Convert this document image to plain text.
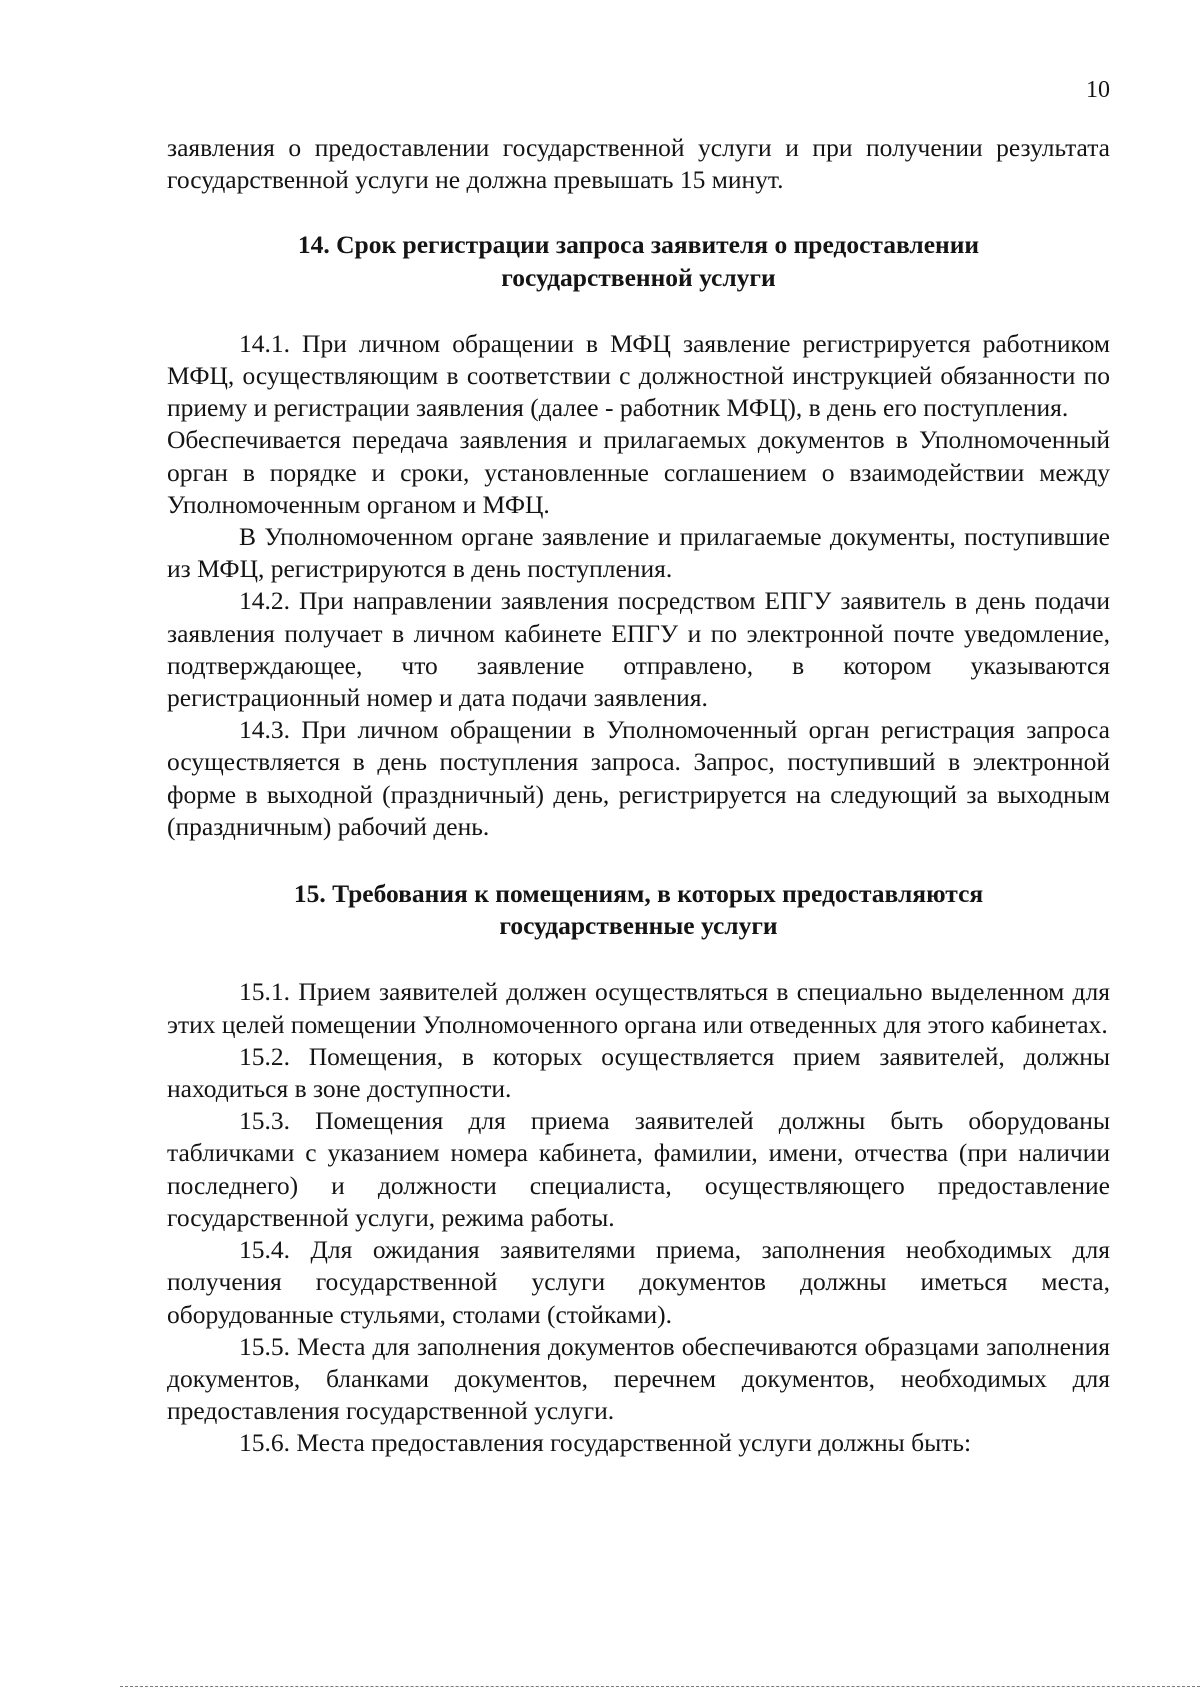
10

заявления о предоставлении государственной услуги и при получении результата государственной услуги не должна превышать 15 минут.

14. Срок регистрации запроса заявителя о предоставлении государственной услуги

14.1. При личном обращении в МФЦ заявление регистрируется работником МФЦ, осуществляющим в соответствии с должностной инструкцией обязанности по приему и регистрации заявления (далее - работник МФЦ), в день его поступления.

Обеспечивается передача заявления и прилагаемых документов в Уполномоченный орган в порядке и сроки, установленные соглашением о взаимодействии между Уполномоченным органом и МФЦ.

В Уполномоченном органе заявление и прилагаемые документы, поступившие из МФЦ, регистрируются в день поступления.

14.2. При направлении заявления посредством ЕПГУ заявитель в день подачи заявления получает в личном кабинете ЕПГУ и по электронной почте уведомление, подтверждающее, что заявление отправлено, в котором указываются регистрационный номер и дата подачи заявления.

14.3. При личном обращении в Уполномоченный орган регистрация запроса осуществляется в день поступления запроса. Запрос, поступивший в электронной форме в выходной (праздничный) день, регистрируется на следующий за выходным (праздничным) рабочий день.

15. Требования к помещениям, в которых предоставляются государственные услуги

15.1. Прием заявителей должен осуществляться в специально выделенном для этих целей помещении Уполномоченного органа или отведенных для этого кабинетах.

15.2. Помещения, в которых осуществляется прием заявителей, должны находиться в зоне доступности.

15.3. Помещения для приема заявителей должны быть оборудованы табличками с указанием номера кабинета, фамилии, имени, отчества (при наличии последнего) и должности специалиста, осуществляющего предоставление государственной услуги, режима работы.

15.4. Для ожидания заявителями приема, заполнения необходимых для получения государственной услуги документов должны иметься места, оборудованные стульями, столами (стойками).

15.5. Места для заполнения документов обеспечиваются образцами заполнения документов, бланками документов, перечнем документов, необходимых для предоставления государственной услуги.

15.6. Места предоставления государственной услуги должны быть:
